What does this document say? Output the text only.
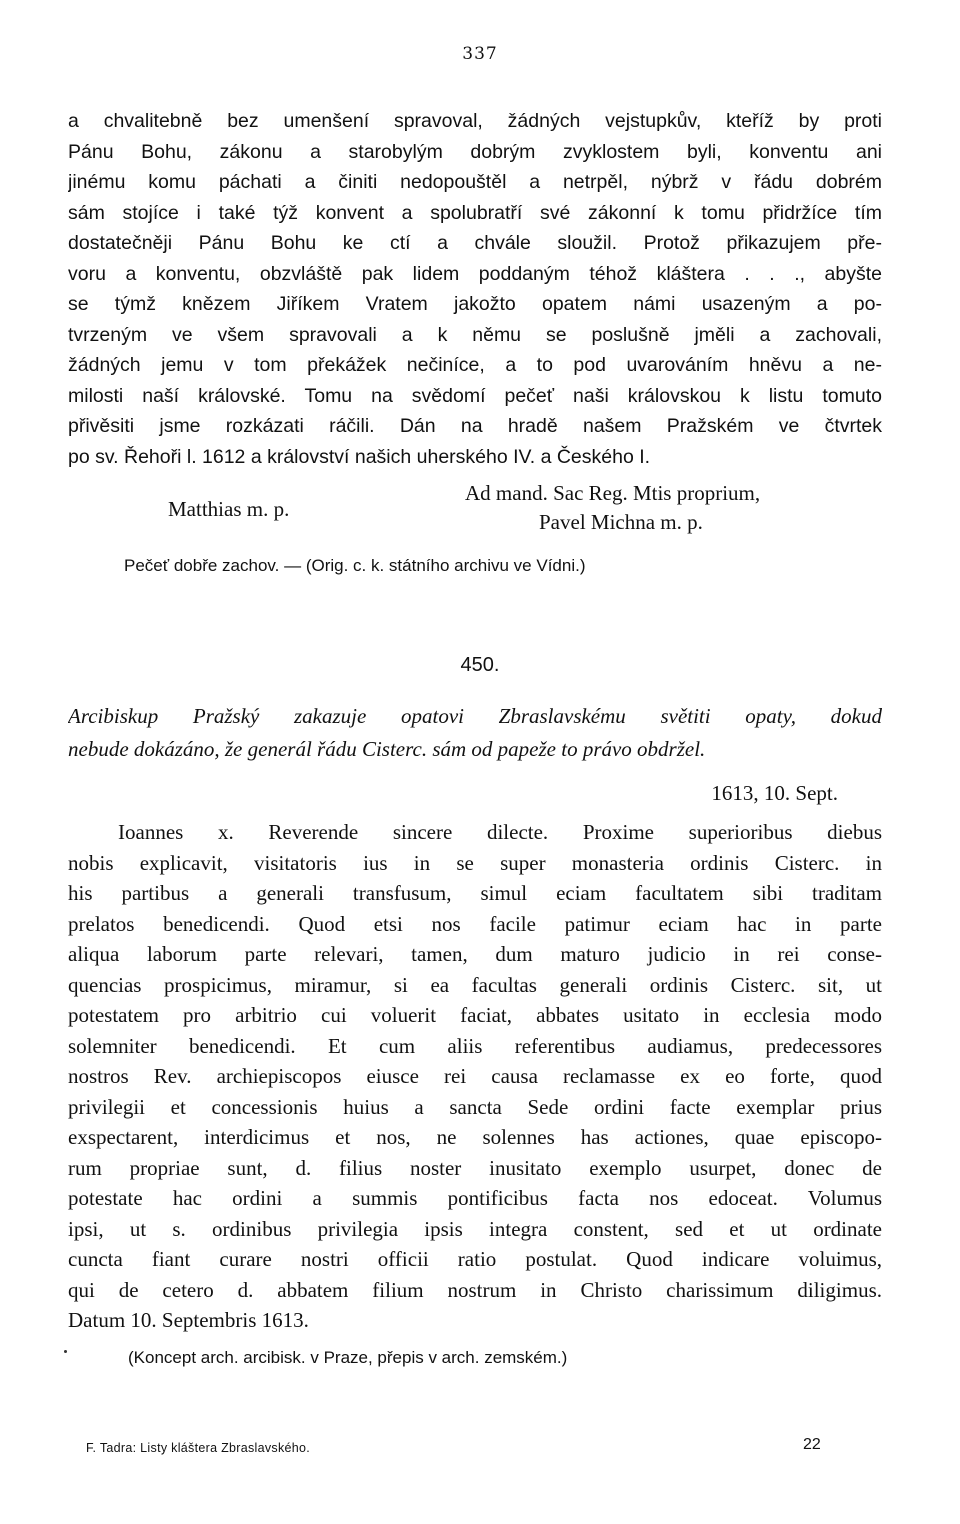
337
a chvalitebně bez umenšení spravoval, žádných vejstupkův, kteříž by proti
Pánu Bohu, zákonu a starobylým dobrým zvyklostem byli, konventu ani
jinému komu páchati a činiti nedopouštěl a netrpěl, nýbrž v řádu dobrém
sám stojíce i také týž konvent a spolubratří své zákonní k tomu přidržíce tím
dostatečněji Pánu Bohu ke ctí a chvále sloužil. Protož přikazujem pře-
voru a konventu, obzvláště pak lidem poddaným téhož kláštera . . ., abyšte
se týmž knězem Jiříkem Vratem jakožto opatem námi usazeným a po-
tvrzeným ve všem spravovali a k němu se poslušně jměli a zachovali,
žádných jemu v tom překážek nečiníce, a to pod uvarováním hněvu a ne-
milosti naší královské. Tomu na svědomí pečeť naši královskou k listu tomuto
přivěsiti jsme rozkázati ráčili. Dán na hradě našem Pražském ve čtvrtek
po sv. Řehoři l. 1612 a království našich uherského IV. a Českého I.
Matthias m. p.
Ad mand. Sac Reg. Mtis proprium,
Pavel Michna m. p.
Pečeť dobře zachov. — (Orig. c. k. státního archivu ve Vídni.)
450.
Arcibiskup Pražský zakazuje opatovi Zbraslavskému světiti opaty, dokud
nebude dokázáno, že generál řádu Cisterc. sám od papeže to právo obdržel.
1613, 10. Sept.
Ioannes x. Reverende sincere dilecte. Proxime superioribus diebus
nobis explicavit, visitatoris ius in se super monasteria ordinis Cisterc. in
his partibus a generali transfusum, simul eciam facultatem sibi traditam
prelatos benedicendi. Quod etsi nos facile patimur eciam hac in parte
aliqua laborum parte relevari, tamen, dum maturo judicio in rei conse-
quencias prospicimus, miramur, si ea facultas generali ordinis Cisterc. sit, ut
potestatem pro arbitrio cui voluerit faciat, abbates usitato in ecclesia modo
solemniter benedicendi. Et cum aliis referentibus audiamus, predecessores
nostros Rev. archiepiscopos eiusce rei causa reclamasse ex eo forte, quod
privilegii et concessionis huius a sancta Sede ordini facte exemplar prius
exspectarent, interdicimus et nos, ne solennes has actiones, quae episcopo-
rum propriae sunt, d. filius noster inusitato exemplo usurpet, donec de
potestate hac ordini a summis pontificibus facta nos edoceat. Volumus
ipsi, ut s. ordinibus privilegia ipsis integra constent, sed et ut ordinate
cuncta fiant curare nostri officii ratio postulat. Quod indicare voluimus,
qui de cetero d. abbatem filium nostrum in Christo charissimum diligimus.
Datum 10. Septembris 1613.
(Koncept arch. arcibisk. v Praze, přepis v arch. zemském.)
F. Tadra: Listy kláštera Zbraslavského.	22
